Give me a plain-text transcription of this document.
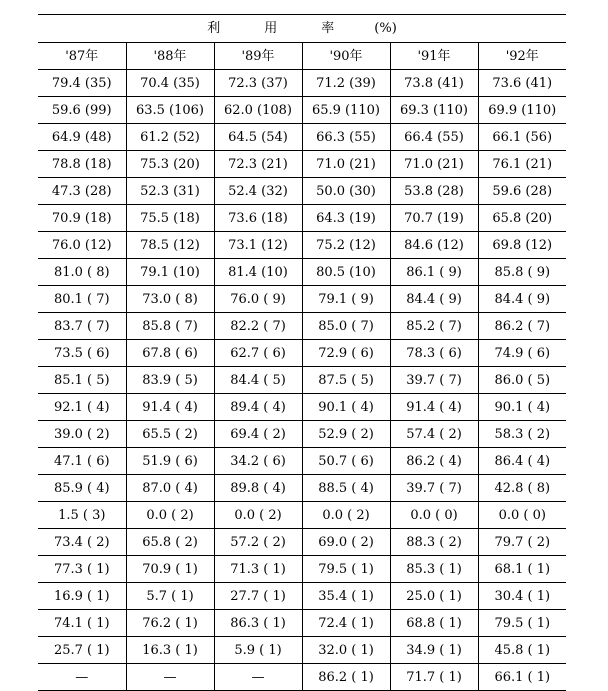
利 用 率 (%)					
'87年	'88年	'89年	'90年	'91年	'92年
79.4 (35)	70.4 (35)	72.3 (37)	71.2 (39)	73.8 (41)	73.6 (41)
59.6 (99)	63.5 (106)	62.0 (108)	65.9 (110)	69.3 (110)	69.9 (110)
64.9 (48)	61.2 (52)	64.5 (54)	66.3 (55)	66.4 (55)	66.1 (56)
78.8 (18)	75.3 (20)	72.3 (21)	71.0 (21)	71.0 (21)	76.1 (21)
47.3 (28)	52.3 (31)	52.4 (32)	50.0 (30)	53.8 (28)	59.6 (28)
70.9 (18)	75.5 (18)	73.6 (18)	64.3 (19)	70.7 (19)	65.8 (20)
76.0 (12)	78.5 (12)	73.1 (12)	75.2 (12)	84.6 (12)	69.8 (12)
81.0 ( 8)	79.1 (10)	81.4 (10)	80.5 (10)	86.1 ( 9)	85.8 ( 9)
80.1 ( 7)	73.0 ( 8)	76.0 ( 9)	79.1 ( 9)	84.4 ( 9)	84.4 ( 9)
83.7 ( 7)	85.8 ( 7)	82.2 ( 7)	85.0 ( 7)	85.2 ( 7)	86.2 ( 7)
73.5 ( 6)	67.8 ( 6)	62.7 ( 6)	72.9 ( 6)	78.3 ( 6)	74.9 ( 6)
85.1 ( 5)	83.9 ( 5)	84.4 ( 5)	87.5 ( 5)	39.7 ( 7)	86.0 ( 5)
92.1 ( 4)	91.4 ( 4)	89.4 ( 4)	90.1 ( 4)	91.4 ( 4)	90.1 ( 4)
39.0 ( 2)	65.5 ( 2)	69.4 ( 2)	52.9 ( 2)	57.4 ( 2)	58.3 ( 2)
47.1 ( 6)	51.9 ( 6)	34.2 ( 6)	50.7 ( 6)	86.2 ( 4)	86.4 ( 4)
85.9 ( 4)	87.0 ( 4)	89.8 ( 4)	88.5 ( 4)	39.7 ( 7)	42.8 ( 8)
1.5 ( 3)	0.0 ( 2)	0.0 ( 2)	0.0 ( 2)	0.0 ( 0)	0.0 ( 0)
73.4 ( 2)	65.8 ( 2)	57.2 ( 2)	69.0 ( 2)	88.3 ( 2)	79.7 ( 2)
77.3 ( 1)	70.9 ( 1)	71.3 ( 1)	79.5 ( 1)	85.3 ( 1)	68.1 ( 1)
16.9 ( 1)	5.7 ( 1)	27.7 ( 1)	35.4 ( 1)	25.0 ( 1)	30.4 ( 1)
74.1 ( 1)	76.2 ( 1)	86.3 ( 1)	72.4 ( 1)	68.8 ( 1)	79.5 ( 1)
25.7 ( 1)	16.3 ( 1)	5.9 ( 1)	32.0 ( 1)	34.9 ( 1)	45.8 ( 1)
—	—	—	86.2 ( 1)	71.7 ( 1)	66.1 ( 1)
